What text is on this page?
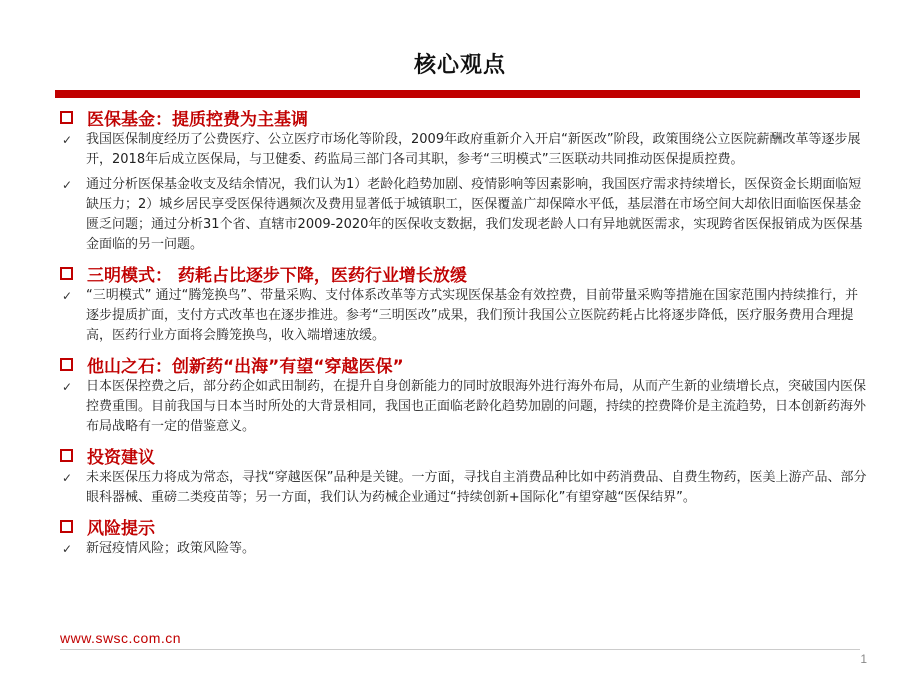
核心观点
医保基金：提质控费为主基调
✓ 我国医保制度经历了公费医疗、公立医疗市场化等阶段，2009年政府重新介入开启“新医改”阶段，政策围绕公立医院薪酬改革等逐步展开，2018年后成立医保局，与卫健委、药监局三部门各司其职，参考“三明模式”三医联动共同推动医保提质控费。
✓ 通过分析医保基金收支及结余情况，我们认为1）老龄化趋势加剧、疫情影响等因素影响，我国医疗需求持续增长，医保资金长期面临短缺压力；2）城乡居民享受医保待遇频次及费用显著低于城镇职工，医保覆盖广却保障水平低，基层潜在市场空间大却依旧面临医保基金匮乏问题；通过分析31个省、直辖市2009-2020年的医保收支数据，我们发现老龄人口有异地就医需求，实现跨省医保报销成为医保基金面临的另一问题。
三明模式： 药耗占比逐步下降，医药行业增长放缓
✓ “三明模式” 通过“腾笼换鸟”、带量采购、支付体系改革等方式实现医保基金有效控费，目前带量采购等措施在国家范围内持续推行，并逐步提质扩面，支付方式改革也在逐步推进。参考“三明医改”成果，我们预计我国公立医院药耗占比将逐步降低，医疗服务费用合理提高，医药行业方面将会腾笼换鸟，收入端增速放缓。
他山之石：创新药“出海”有望“穿越医保”
✓ 日本医保控费之后，部分药企如武田制药，在提升自身创新能力的同时放眼海外进行海外布局，从而产生新的业绩增长点，突破国内医保控费重围。目前我国与日本当时所处的大背景相同，我国也正面临老龄化趋势加剧的问题，持续的控费降价是主流趋势，日本创新药海外布局战略有一定的借鉴意义。
投资建议
✓ 未来医保压力将成为常态，寻找“穿越医保”品种是关键。一方面，寻找自主消费品种比如中药消费品、自费生物药，医美上游产品、部分眼科器械、重磅二类疫苗等；另一方面，我们认为药械企业通过“持续创新+国际化”有望穿越“医保结界”。
风险提示
✓ 新冠疫情风险；政策风险等。
www.swsc.com.cn
1
